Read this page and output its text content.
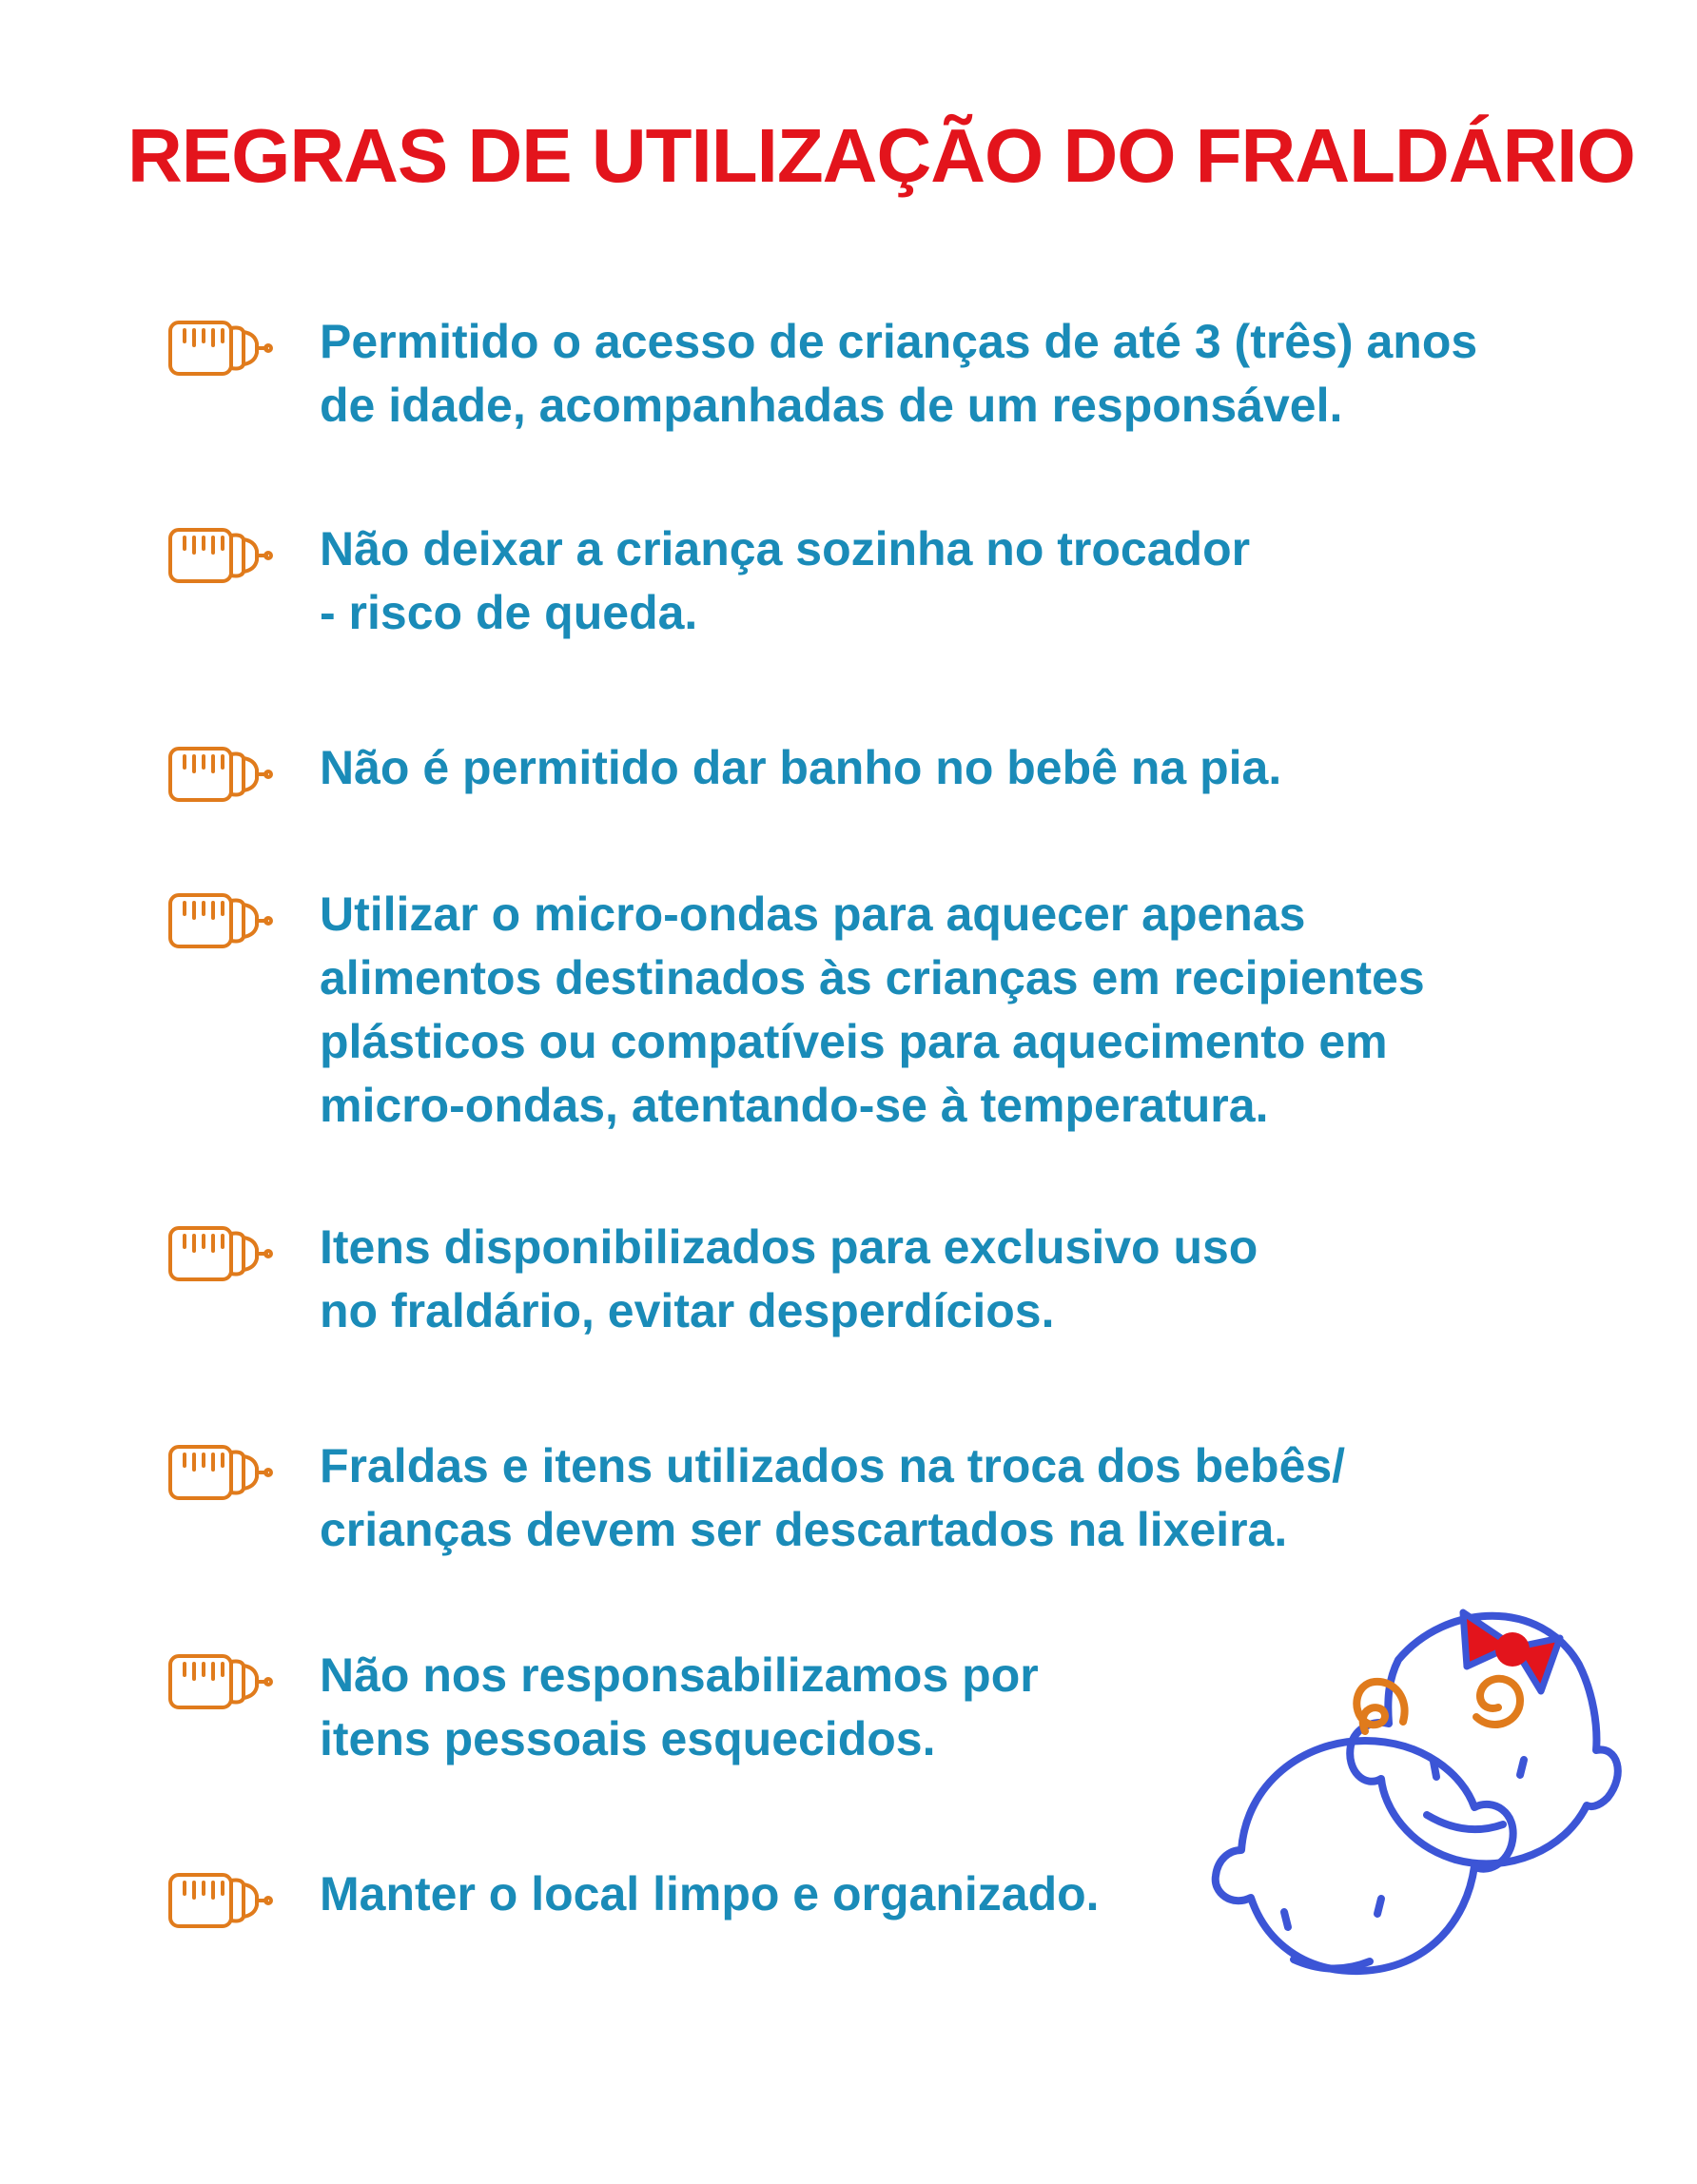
REGRAS DE UTILIZAÇÃO DO FRALDÁRIO

Permitido o acesso de crianças de até 3 (três) anos
de idade, acompanhadas de um responsável.

Não deixar a criança sozinha no trocador
- risco de queda.

Não é permitido dar banho no bebê na pia.

Utilizar o micro-ondas para aquecer apenas
alimentos destinados às crianças em recipientes
plásticos ou compatíveis para aquecimento em
micro-ondas, atentando-se à temperatura.

Itens disponibilizados para exclusivo uso
no fraldário, evitar desperdícios.

Fraldas e itens utilizados na troca dos bebês/
crianças devem ser descartados na lixeira.

Não nos responsabilizamos por
itens pessoais esquecidos.

Manter o local limpo e organizado.
